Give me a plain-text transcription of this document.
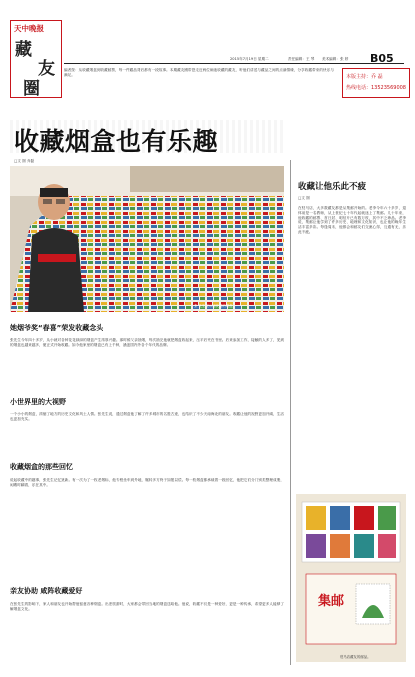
天中晚报
藏
友
圈
2015年7月19日 星期二	责任编辑：王 琴 美术编辑：张 婷 B05
编者按：从收藏烟盒到收藏邮票，每一件藏品背后都有一段故事。本期藏友圈带您走近两位痴迷收藏的藏友，听他们讲述与藏品之间的点滴情缘，分享收藏带来的快乐与满足。	本版主持：乔 磊
热线电话：13523569008
收藏烟盒也有乐趣
□文 图 乔磊
张 先生展示他收藏的烟盒。
她烟爷奖“春喜”荣发收藏念头
张先生今年四十多岁，从小就对各种花花绿绿的烟盒产生浓厚兴趣。那时候父亲抽烟，每次抽完他就把烟盒收起来，压平后夹在书里。后来参加工作，接触的人多了，见到的烟盒也越来越多，便正式开始收藏。如今他家里的烟盒已有上千种，涵盖国内外各个年代的品牌。
小世界里的大视野
一个小小的烟盒，浓缩了地方的历史文化和风土人情。张先生说，通过烟盒他了解了许多城市的名胜古迹，也结识了不少天南海北的朋友。收藏让他的视野更加开阔，生活也更加充实。
收藏烟盒的那些回忆
说起收藏中的趣事，张先生记忆犹新。有一次为了一枚老烟标，他专程坐车到外地，辗转多方终于如愿以偿。每一枚烟盒都承载着一段回忆，他把它们分门别类整理成册，闲暇时翻看，乐在其中。
亲友协助 咸阵收藏爱好
在张先生的影响下，家人和朋友也开始帮他留意各种烟盒。出差旅游时，大家都会带回当地的烟盒送给他。他说，收藏不仅是一种爱好，更是一种传承，希望更多人能够了解烟盒文化。
收藏让他乐此不疲
□文 图
在驻马店，大多数藏友都是从集邮开始的。老李今年六十多岁，退休前是一名教师，从上世纪七十年代起就迷上了集邮。几十年来，他收藏的邮票、首日封、明信片已有数万枚，其中不乏珍品。老李说，集邮让他学到了许多历史、地理和文化知识，也让他的晚年生活丰富多彩。每逢周末，他都会和邮友们交流心得，互通有无，乐此不疲。
集邮
驻马店藏友的邮品。
